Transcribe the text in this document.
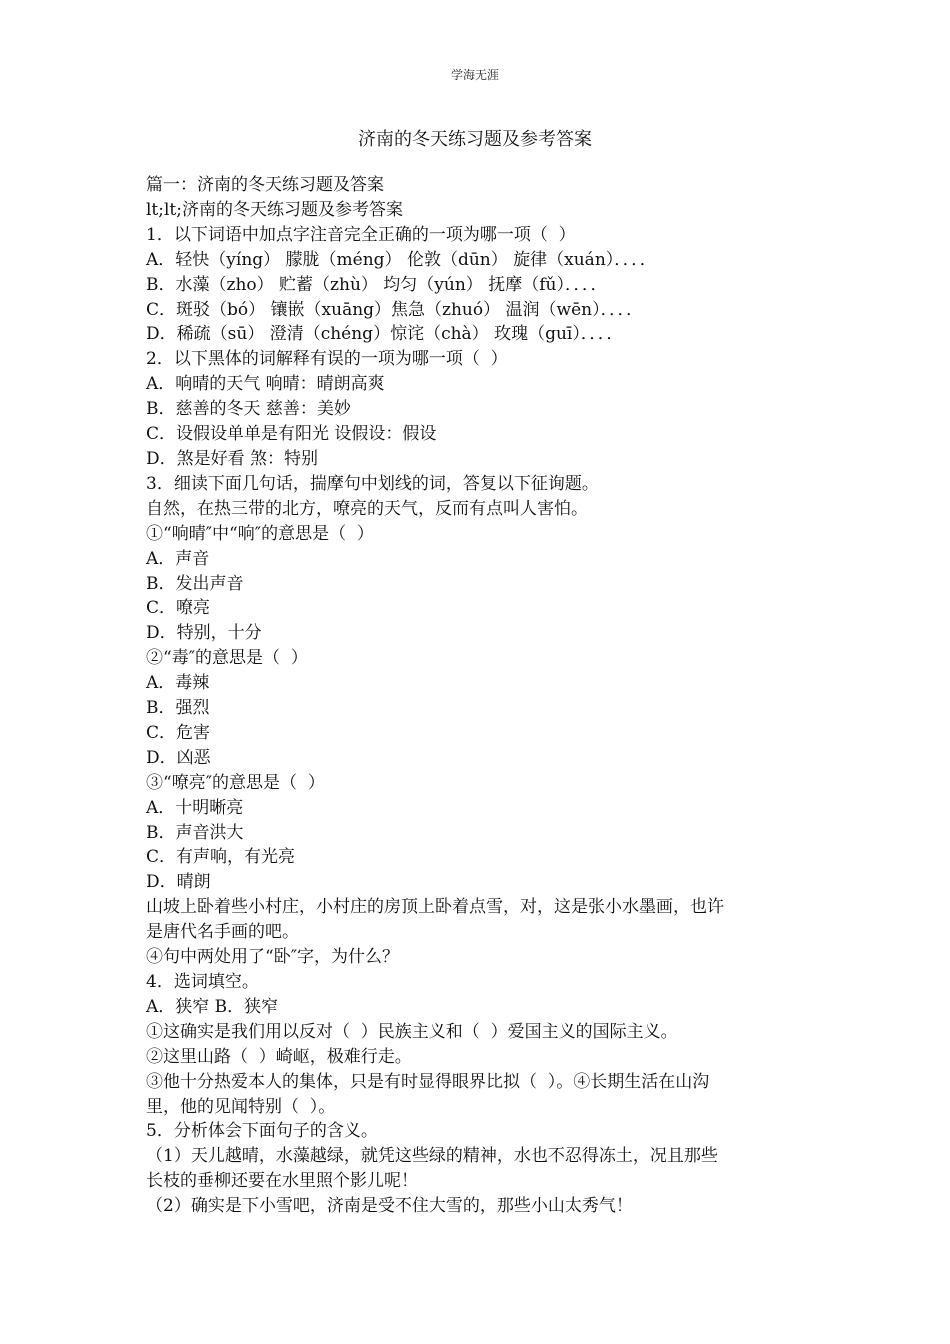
学海无涯
济南的冬天练习题及参考答案
篇一：济南的冬天练习题及答案
lt;lt;济南的冬天练习题及参考答案
1．以下词语中加点字注音完全正确的一项为哪一项（  ）
A．轻快（yíng） 朦胧（méng） 伦敦（dūn） 旋律（xuán）．．．．
B．水藻（zho） 贮蓄（zhù） 均匀（yún） 抚摩（fǔ）．．．．
C．斑驳（bó） 镶嵌（xuāng）焦急（zhuó） 温润（wēn）．．．．
D．稀疏（sū） 澄清（chéng）惊诧（chà） 玫瑰（guī）．．．．
2．以下黑体的词解释有误的一项为哪一项（  ）
A．响晴的天气 响晴：晴朗高爽
B．慈善的冬天 慈善：美妙
C．设假设单单是有阳光 设假设：假设
D．煞是好看 煞：特别
3．细读下面几句话，揣摩句中划线的词，答复以下征询题。
自然，在热三带的北方，嘹亮的天气，反而有点叫人害怕。
①“响晴″中“响″的意思是（  ）
A．声音
B．发出声音
C．嘹亮
D．特别，十分
②“毒″的意思是（  ）
A．毒辣
B．强烈
C．危害
D．凶恶
③“嘹亮″的意思是（  ）
A．十明晰亮
B．声音洪大
C．有声响，有光亮
D．晴朗
山坡上卧着些小村庄，小村庄的房顶上卧着点雪，对，这是张小水墨画，也许
是唐代名手画的吧。
④句中两处用了“卧″字，为什么？
4．选词填空。
A．狭窄 B．狭窄
①这确实是我们用以反对（  ）民族主义和（  ）爱国主义的国际主义。
②这里山路（  ）崎岖，极难行走。
③他十分热爱本人的集体，只是有时显得眼界比拟（  ）。④长期生活在山沟
里，他的见闻特别（  ）。
5．分析体会下面句子的含义。
（1）天儿越晴，水藻越绿，就凭这些绿的精神，水也不忍得冻土，况且那些
长枝的垂柳还要在水里照个影儿呢！
（2）确实是下小雪吧，济南是受不住大雪的，那些小山太秀气！
